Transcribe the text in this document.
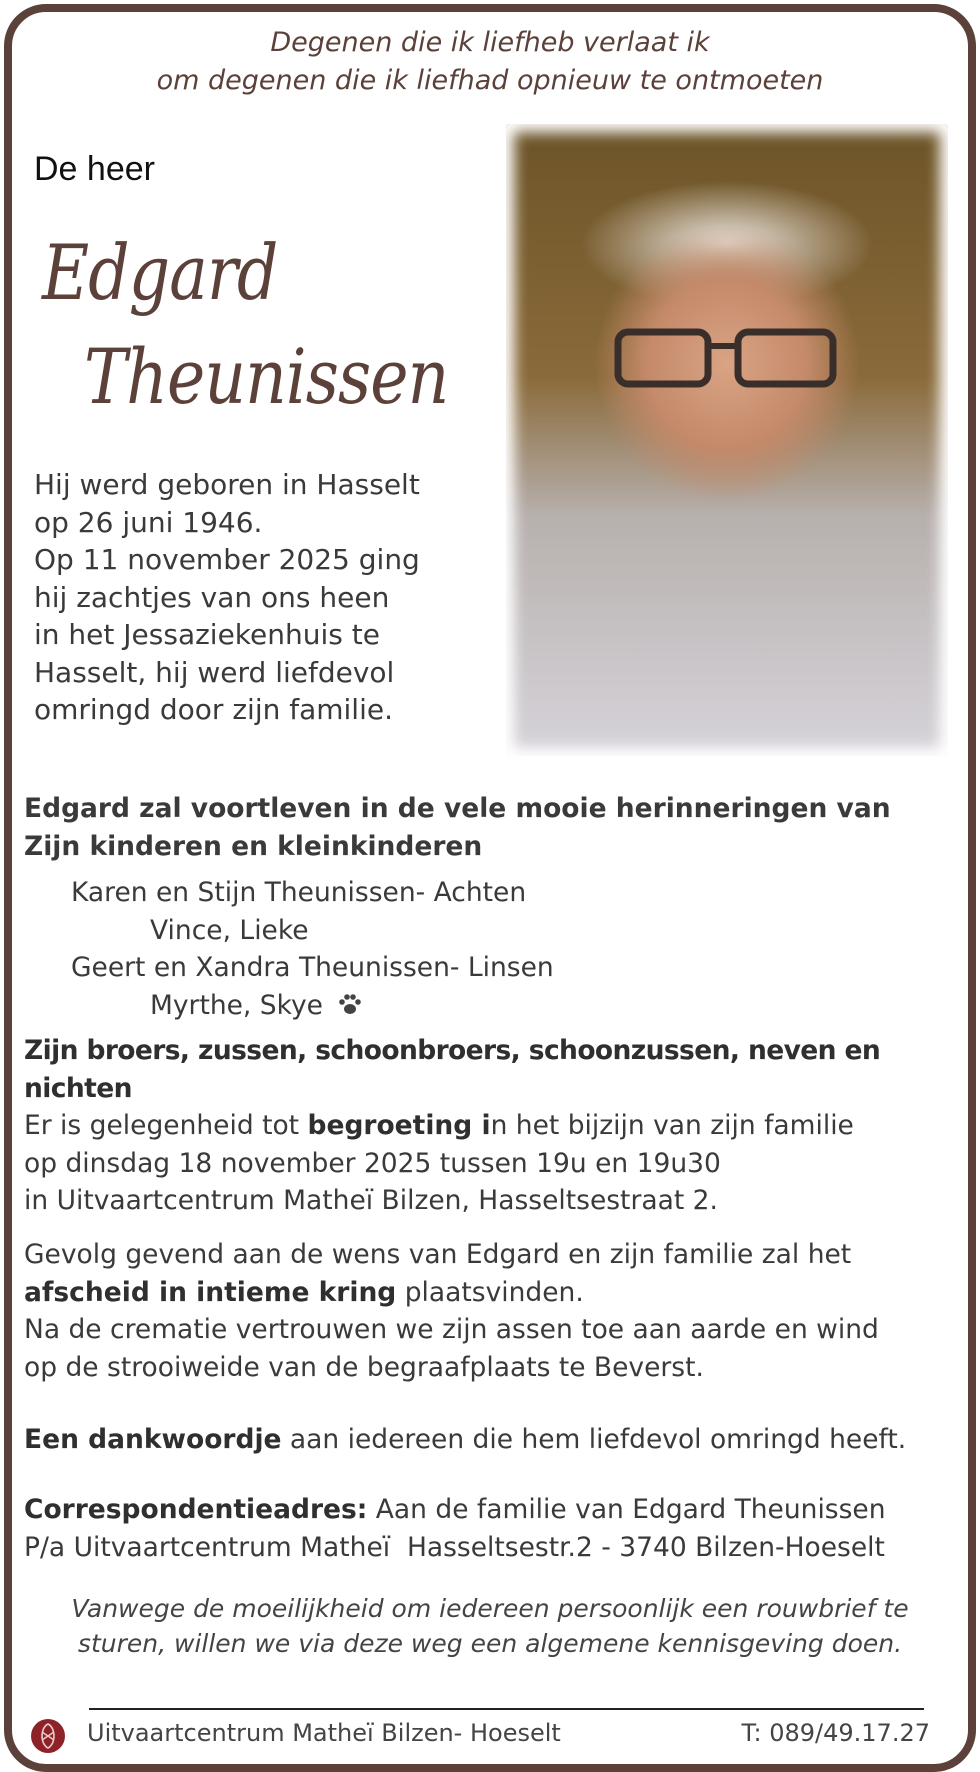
Degenen die ik liefheb verlaat ik
om degenen die ik liefhad opnieuw te ontmoeten
De heer
Edgard
Theunissen
Hij werd geboren in Hasselt
op 26 juni 1946.
Op 11 november 2025 ging
hij zachtjes van ons heen
in het Jessaziekenhuis te
Hasselt, hij werd liefdevol
omringd door zijn familie.
Edgard zal voortleven in de vele mooie herinneringen van
Zijn kinderen en kleinkinderen
Karen en Stijn Theunissen- Achten
Vince, Lieke
Geert en Xandra Theunissen- Linsen
Myrthe, Skye
Zijn broers, zussen, schoonbroers, schoonzussen, neven en nichten
Er is gelegenheid tot begroeting in het bijzijn van zijn familie
op dinsdag 18 november 2025 tussen 19u en 19u30
in Uitvaartcentrum Matheï Bilzen, Hasseltsestraat 2.
Gevolg gevend aan de wens van Edgard en zijn familie zal het
afscheid in intieme kring plaatsvinden.
Na de crematie vertrouwen we zijn assen toe aan aarde en wind
op de strooiweide van de begraafplaats te Beverst.
Een dankwoordje aan iedereen die hem liefdevol omringd heeft.
Correspondentieadres: Aan de familie van Edgard Theunissen
P/a Uitvaartcentrum Matheï  Hasseltsestr.2 - 3740 Bilzen-Hoeselt
Vanwege de moeilijkheid om iedereen persoonlijk een rouwbrief te
sturen, willen we via deze weg een algemene kennisgeving doen.
Uitvaartcentrum Matheï Bilzen- Hoeselt	T: 089/49.17.27
